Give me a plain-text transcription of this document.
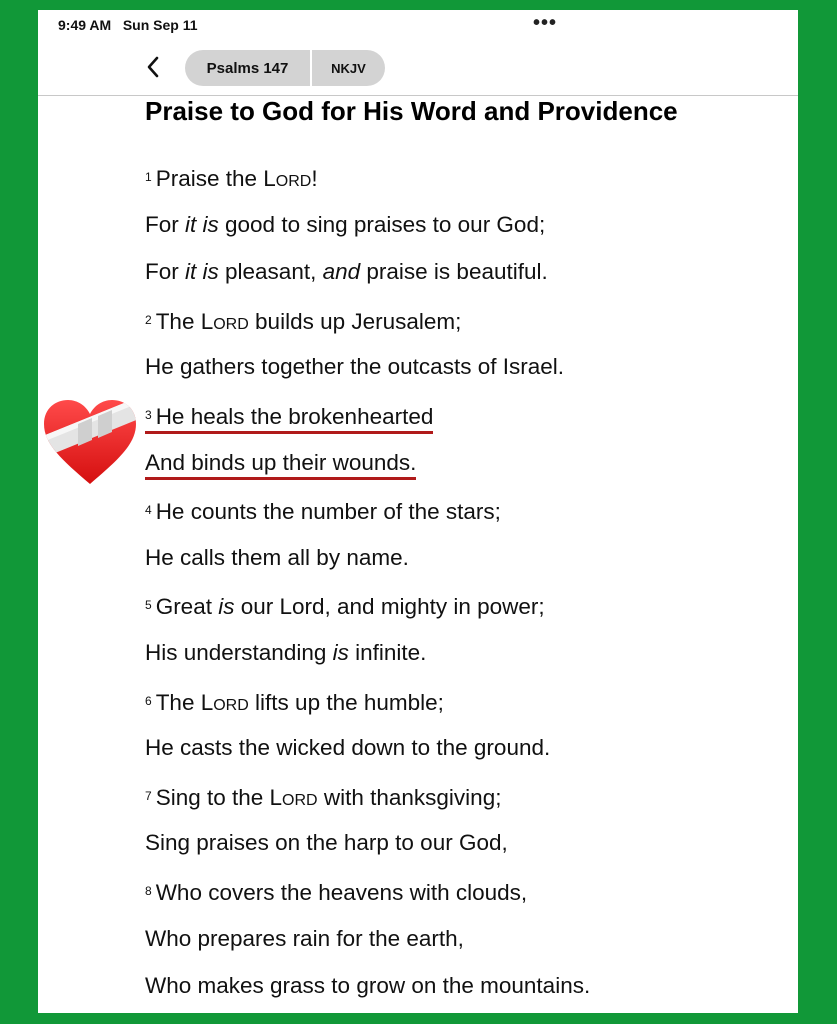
9:49 AM Sun Sep 11	•••
Psalms 147	NKJV
Praise to God for His Word and Providence
$^1$ Praise the Lord!
For it is good to sing praises to our God;
For it is pleasant, and praise is beautiful.
$^2$ The Lord builds up Jerusalem;
He gathers together the outcasts of Israel.
$^3$ He heals the brokenhearted
And binds up their wounds.
$^4$ He counts the number of the stars;
He calls them all by name.
$^5$ Great is our Lord, and mighty in power;
His understanding is infinite.
$^6$ The Lord lifts up the humble;
He casts the wicked down to the ground.
$^7$ Sing to the Lord with thanksgiving;
Sing praises on the harp to our God,
$^8$ Who covers the heavens with clouds,
Who prepares rain for the earth,
Who makes grass to grow on the mountains.
